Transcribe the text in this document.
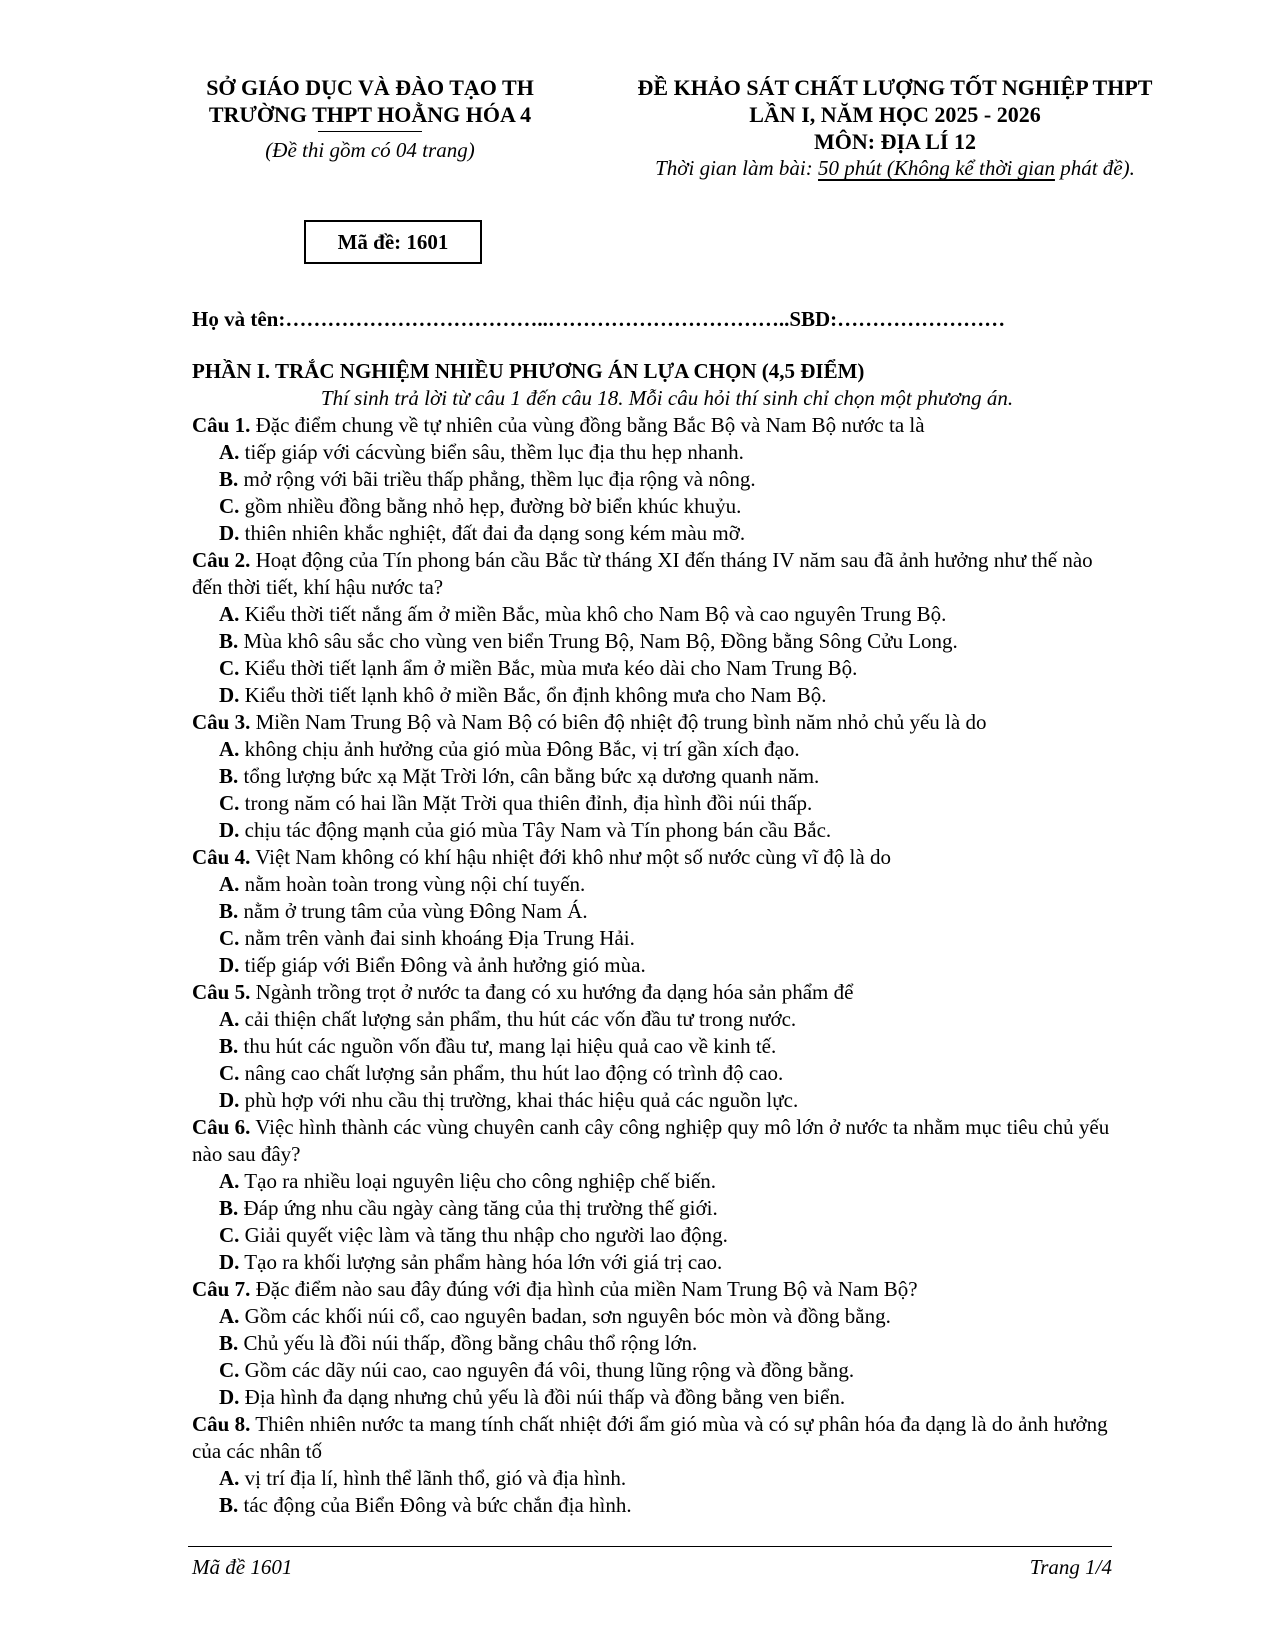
SỞ GIÁO DỤC VÀ ĐÀO TẠO TH
TRƯỜNG THPT HOẰNG HÓA 4
(Đề thi gồm có 04 trang)
ĐỀ KHẢO SÁT CHẤT LƯỢNG TỐT NGHIỆP THPT
LẦN I, NĂM HỌC 2025 - 2026
MÔN: ĐỊA LÍ 12
Thời gian làm bài: 50 phút (Không kể thời gian phát đề).
Mã đề: 1601
Họ và tên:………………………………..……………………………..SBD:……………………
PHẦN I. TRẮC NGHIỆM NHIỀU PHƯƠNG ÁN LỰA CHỌN (4,5 ĐIỂM)
Thí sinh trả lời từ câu 1 đến câu 18. Mỗi câu hỏi thí sinh chỉ chọn một phương án.
Câu 1. Đặc điểm chung về tự nhiên của vùng đồng bằng Bắc Bộ và Nam Bộ nước ta là
A. tiếp giáp với cácvùng biển sâu, thềm lục địa thu hẹp nhanh.
B. mở rộng với bãi triều thấp phẳng, thềm lục địa rộng và nông.
C. gồm nhiều đồng bằng nhỏ hẹp, đường bờ biển khúc khuỷu.
D. thiên nhiên khắc nghiệt, đất đai đa dạng song kém màu mỡ.
Câu 2. Hoạt động của Tín phong bán cầu Bắc từ tháng XI đến tháng IV năm sau đã ảnh hưởng như thế nào đến thời tiết, khí hậu nước ta?
A. Kiểu thời tiết nắng ấm ở miền Bắc, mùa khô cho Nam Bộ và cao nguyên Trung Bộ.
B. Mùa khô sâu sắc cho vùng ven biển Trung Bộ, Nam Bộ, Đồng bằng Sông Cửu Long.
C. Kiểu thời tiết lạnh ẩm ở miền Bắc, mùa mưa kéo dài cho Nam Trung Bộ.
D. Kiểu thời tiết lạnh khô ở miền Bắc, ổn định không mưa cho Nam Bộ.
Câu 3. Miền Nam Trung Bộ và Nam Bộ có biên độ nhiệt độ trung bình năm nhỏ chủ yếu là do
A. không chịu ảnh hưởng của gió mùa Đông Bắc, vị trí gần xích đạo.
B. tổng lượng bức xạ Mặt Trời lớn, cân bằng bức xạ dương quanh năm.
C. trong năm có hai lần Mặt Trời qua thiên đỉnh, địa hình đồi núi thấp.
D. chịu tác động mạnh của gió mùa Tây Nam và Tín phong bán cầu Bắc.
Câu 4. Việt Nam không có khí hậu nhiệt đới khô như một số nước cùng vĩ độ là do
A. nằm hoàn toàn trong vùng nội chí tuyến.
B. nằm ở trung tâm của vùng Đông Nam Á.
C. nằm trên vành đai sinh khoáng Địa Trung Hải.
D. tiếp giáp với Biển Đông và ảnh hưởng gió mùa.
Câu 5. Ngành trồng trọt ở nước ta đang có xu hướng đa dạng hóa sản phẩm để
A. cải thiện chất lượng sản phẩm, thu hút các vốn đầu tư trong nước.
B. thu hút các nguồn vốn đầu tư, mang lại hiệu quả cao về kinh tế.
C. nâng cao chất lượng sản phẩm, thu hút lao động có trình độ cao.
D. phù hợp với nhu cầu thị trường, khai thác hiệu quả các nguồn lực.
Câu 6. Việc hình thành các vùng chuyên canh cây công nghiệp quy mô lớn ở nước ta nhằm mục tiêu chủ yếu nào sau đây?
A. Tạo ra nhiều loại nguyên liệu cho công nghiệp chế biến.
B. Đáp ứng nhu cầu ngày càng tăng của thị trường thế giới.
C. Giải quyết việc làm và tăng thu nhập cho người lao động.
D. Tạo ra khối lượng sản phẩm hàng hóa lớn với giá trị cao.
Câu 7. Đặc điểm nào sau đây đúng với địa hình của miền Nam Trung Bộ và Nam Bộ?
A. Gồm các khối núi cổ, cao nguyên badan, sơn nguyên bóc mòn và đồng bằng.
B. Chủ yếu là đồi núi thấp, đồng bằng châu thổ rộng lớn.
C. Gồm các dãy núi cao, cao nguyên đá vôi, thung lũng rộng và đồng bằng.
D. Địa hình đa dạng nhưng chủ yếu là đồi núi thấp và đồng bằng ven biển.
Câu 8. Thiên nhiên nước ta mang tính chất nhiệt đới ẩm gió mùa và có sự phân hóa đa dạng là do ảnh hưởng của các nhân tố
A. vị trí địa lí, hình thể lãnh thổ, gió và địa hình.
B. tác động của Biển Đông và bức chắn địa hình.
Mã đề 1601	Trang 1/4
